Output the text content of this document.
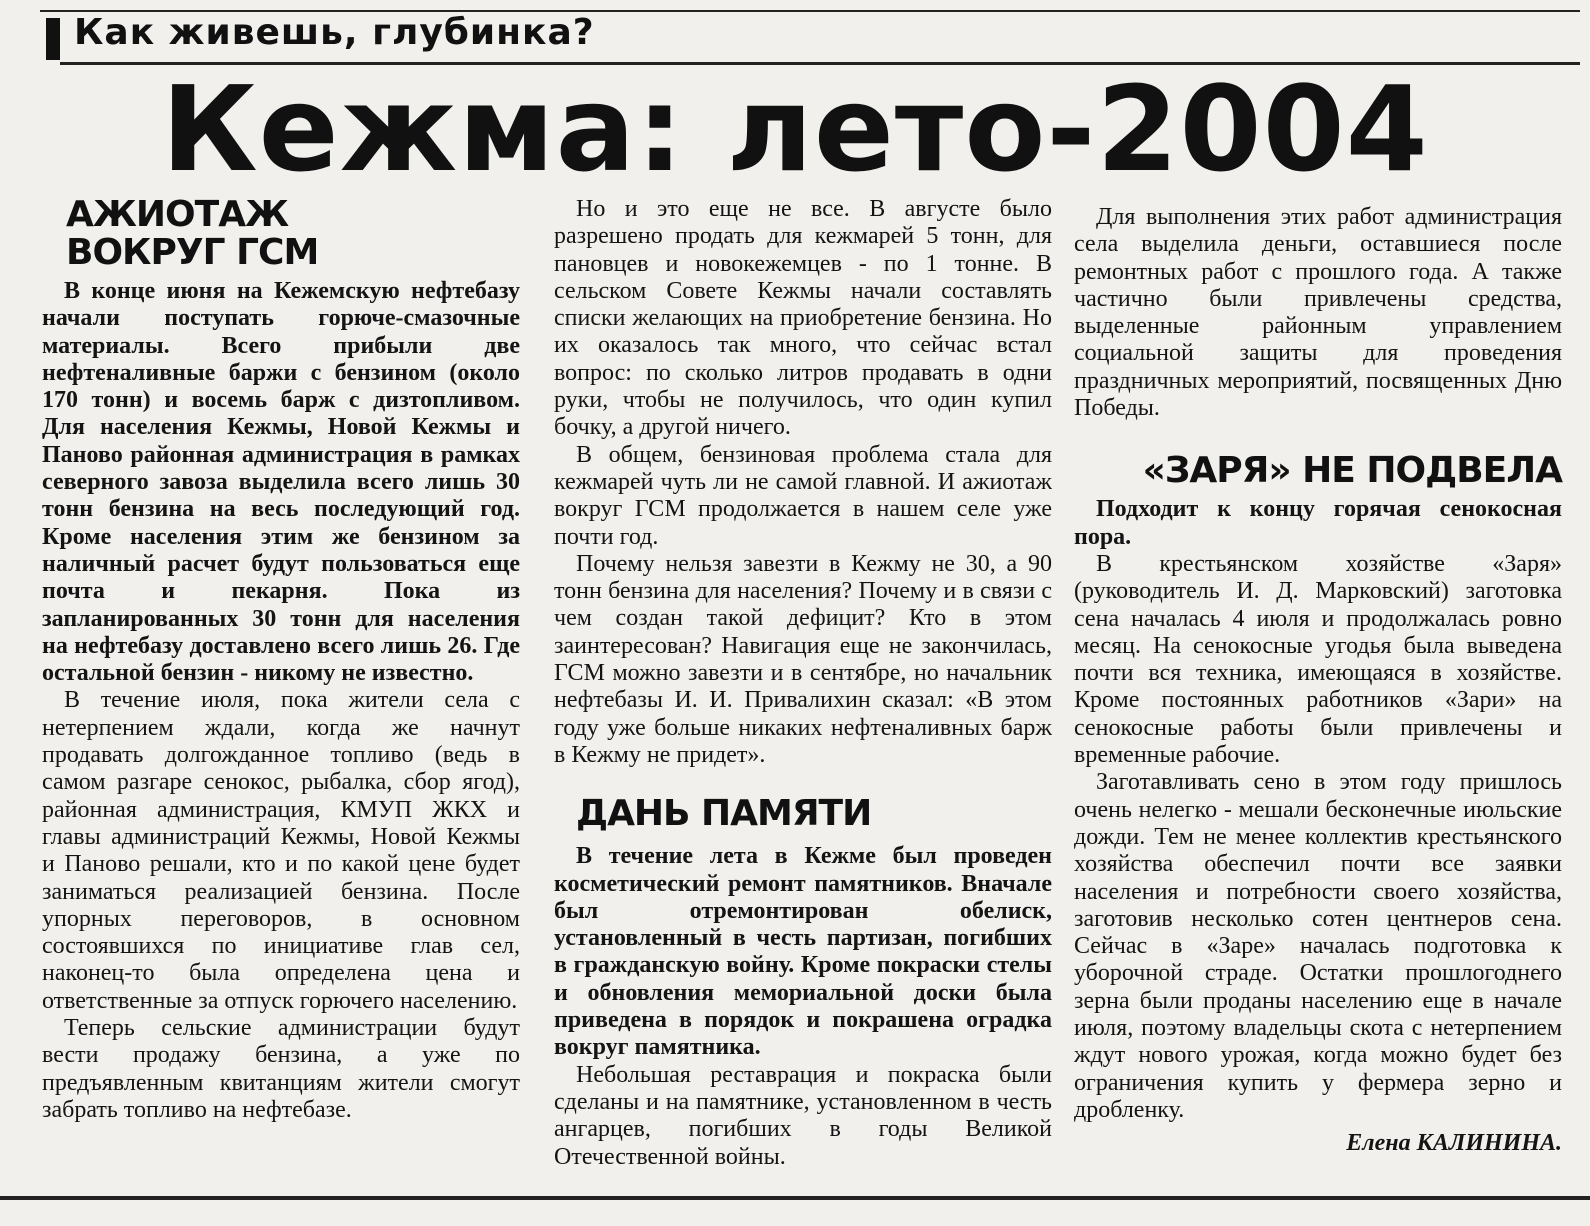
Как живешь, глубинка?
Кежма: лето-2004
АЖИОТАЖ
ВОКРУГ ГСМ

В конце июня на Кежемскую нефтебазу начали поступать горюче-смазочные материалы. Всего прибыли две нефтеналивные баржи с бензином (около 170 тонн) и восемь барж с дизтопливом. Для населения Кежмы, Новой Кежмы и Паново районная администрация в рамках северного завоза выделила всего лишь 30 тонн бензина на весь последующий год. Кроме населения этим же бензином за наличный расчет будут пользоваться еще почта и пекарня. Пока из запланированных 30 тонн для населения на нефтебазу доставлено всего лишь 26. Где остальной бензин - никому не известно.

В течение июля, пока жители села с нетерпением ждали, когда же начнут продавать долгожданное топливо (ведь в самом разгаре сенокос, рыбалка, сбор ягод), районная администрация, КМУП ЖКХ и главы администраций Кежмы, Новой Кежмы и Паново решали, кто и по какой цене будет заниматься реализацией бензина. После упорных переговоров, в основном состоявшихся по инициативе глав сел, наконец-то была определена цена и ответственные за отпуск горючего населению.

Теперь сельские администрации будут вести продажу бензина, а уже по предъявленным квитанциям жители смогут забрать топливо на нефтебазе.

Но и это еще не все. В августе было разрешено продать для кежмарей 5 тонн, для пановцев и новокежемцев - по 1 тонне. В сельском Совете Кежмы начали составлять списки желающих на приобретение бензина. Но их оказалось так много, что сейчас встал вопрос: по сколько литров продавать в одни руки, чтобы не получилось, что один купил бочку, а другой ничего.

В общем, бензиновая проблема стала для кежмарей чуть ли не самой главной. И ажиотаж вокруг ГСМ продолжается в нашем селе уже почти год.

Почему нельзя завезти в Кежму не 30, а 90 тонн бензина для населения? Почему и в связи с чем создан такой дефицит? Кто в этом заинтересован? Навигация еще не закончилась, ГСМ можно завезти и в сентябре, но начальник нефтебазы И. И. Привалихин сказал: «В этом году уже больше никаких нефтеналивных барж в Кежму не придет».

ДАНЬ ПАМЯТИ

В течение лета в Кежме был проведен косметический ремонт памятников. Вначале был отремонтирован обелиск, установленный в честь партизан, погибших в гражданскую войну. Кроме покраски стелы и обновления мемориальной доски была приведена в порядок и покрашена оградка вокруг памятника.

Небольшая реставрация и покраска были сделаны и на памятнике, установленном в честь ангарцев, погибших в годы Великой Отечественной войны.

Для выполнения этих работ администрация села выделила деньги, оставшиеся после ремонтных работ с прошлого года. А также частично были привлечены средства, выделенные районным управлением социальной защиты для проведения праздничных мероприятий, посвященных Дню Победы.

«ЗАРЯ» НЕ ПОДВЕЛА

Подходит к концу горячая сенокосная пора.

В крестьянском хозяйстве «Заря» (руководитель И. Д. Марковский) заготовка сена началась 4 июля и продолжалась ровно месяц. На сенокосные угодья была выведена почти вся техника, имеющаяся в хозяйстве. Кроме постоянных работников «Зари» на сенокосные работы были привлечены и временные рабочие.

Заготавливать сено в этом году пришлось очень нелегко - мешали бесконечные июльские дожди. Тем не менее коллектив крестьянского хозяйства обеспечил почти все заявки населения и потребности своего хозяйства, заготовив несколько сотен центнеров сена. Сейчас в «Заре» началась подготовка к уборочной страде. Остатки прошлогоднего зерна были проданы населению еще в начале июля, поэтому владельцы скота с нетерпением ждут нового урожая, когда можно будет без ограничения купить у фермера зерно и дробленку.

Елена КАЛИНИНА.
